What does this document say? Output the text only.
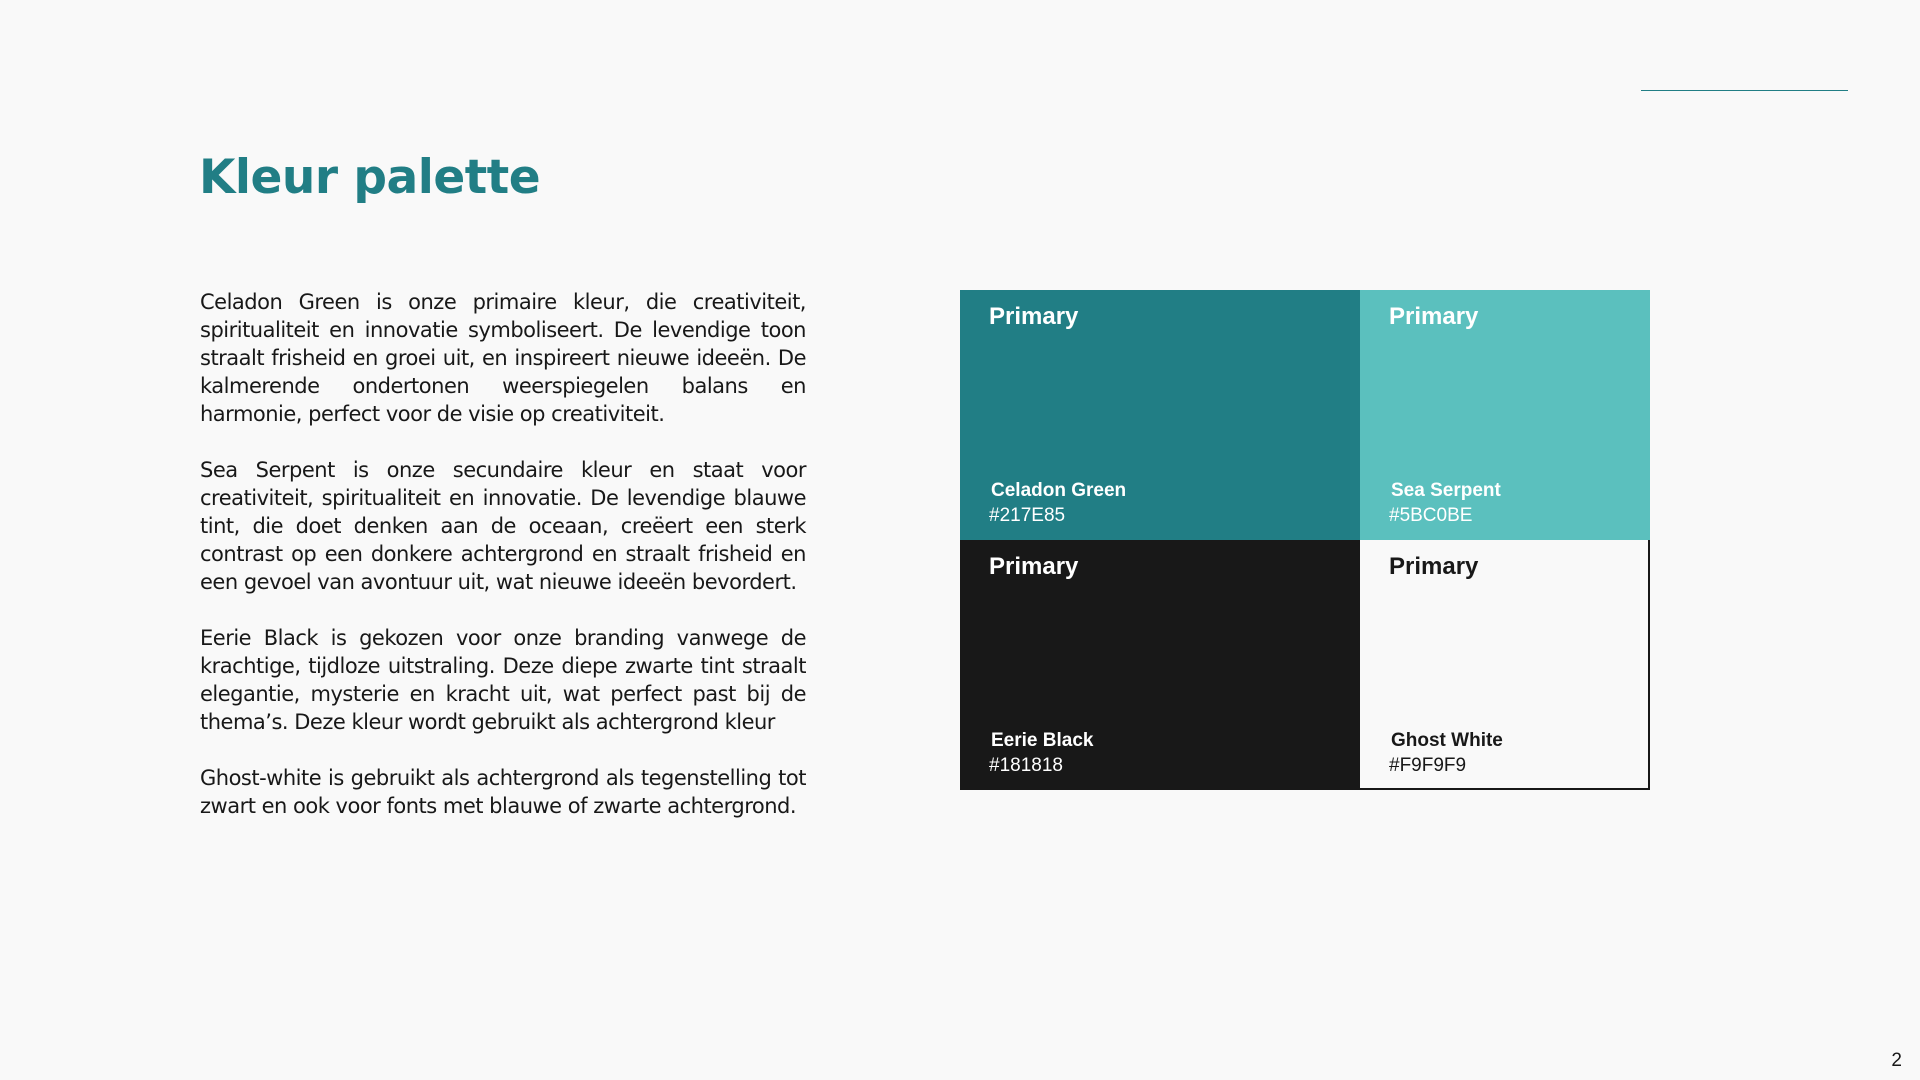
Kleur palette

Celadon Green is onze primaire kleur, die creativiteit, spiritualiteit en innovatie symboliseert. De levendige toon straalt frisheid en groei uit, en inspireert nieuwe ideeën. De kalmerende ondertonen weerspiegelen balans en harmonie, perfect voor de visie op creativiteit.

Sea Serpent is onze secundaire kleur en staat voor creativiteit, spiritualiteit en innovatie. De levendige blauwe tint, die doet denken aan de oceaan, creëert een sterk contrast op een donkere achtergrond en straalt frisheid en een gevoel van avontuur uit, wat nieuwe ideeën bevordert.

Eerie Black is gekozen voor onze branding vanwege de krachtige, tijdloze uitstraling. Deze diepe zwarte tint straalt elegantie, mysterie en kracht uit, wat perfect past bij de thema’s. Deze kleur wordt gebruikt als achtergrond kleur

Ghost-white is gebruikt als achtergrond als tegenstelling tot zwart en ook voor fonts met blauwe of zwarte achtergrond.

Primary
Celadon Green
#217E85
Primary
Sea Serpent
#5BC0BE
Primary
Eerie Black
#181818
Primary
Ghost White
#F9F9F9
2
